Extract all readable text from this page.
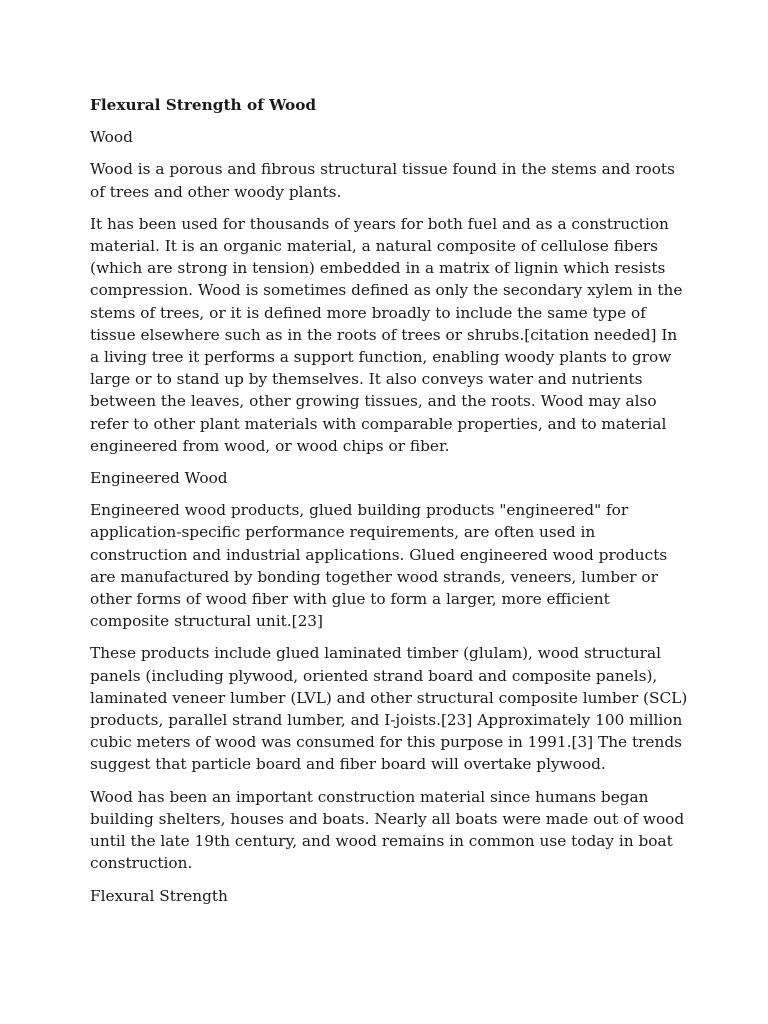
Flexural Strength of Wood
Wood
Wood is a porous and fibrous structural tissue found in the stems and roots of trees and other woody plants.
It has been used for thousands of years for both fuel and as a construction material. It is an organic material, a natural composite of cellulose fibers (which are strong in tension) embedded in a matrix of lignin which resists compression. Wood is sometimes defined as only the secondary xylem in the stems of trees, or it is defined more broadly to include the same type of tissue elsewhere such as in the roots of trees or shrubs.[citation needed] In a living tree it performs a support function, enabling woody plants to grow large or to stand up by themselves. It also conveys water and nutrients between the leaves, other growing tissues, and the roots. Wood may also refer to other plant materials with comparable properties, and to material engineered from wood, or wood chips or fiber.
Engineered Wood
Engineered wood products, glued building products "engineered" for application-specific performance requirements, are often used in construction and industrial applications. Glued engineered wood products are manufactured by bonding together wood strands, veneers, lumber or other forms of wood fiber with glue to form a larger, more efficient composite structural unit.[23]
These products include glued laminated timber (glulam), wood structural panels (including plywood, oriented strand board and composite panels), laminated veneer lumber (LVL) and other structural composite lumber (SCL) products, parallel strand lumber, and I-joists.[23] Approximately 100 million cubic meters of wood was consumed for this purpose in 1991.[3] The trends suggest that particle board and fiber board will overtake plywood.
Wood has been an important construction material since humans began building shelters, houses and boats. Nearly all boats were made out of wood until the late 19th century, and wood remains in common use today in boat construction.
Flexural Strength
